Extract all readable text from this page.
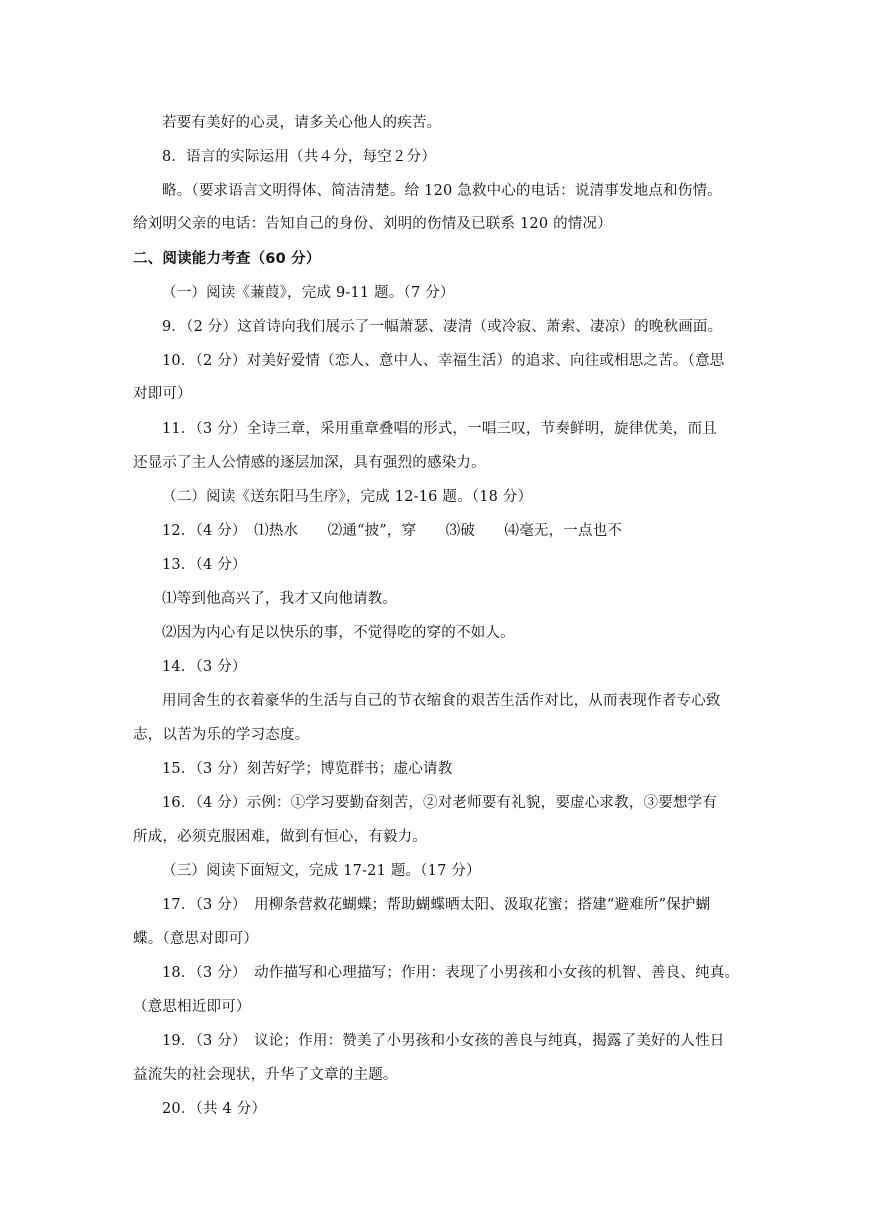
若要有美好的心灵，请多关心他人的疾苦。
8．语言的实际运用（共４分，每空２分）
略。（要求语言文明得体、简洁清楚。给 120 急救中心的电话：说清事发地点和伤情。
给刘明父亲的电话：告知自己的身份、刘明的伤情及已联系 120 的情况）
二、阅读能力考查（60 分）
（一）阅读《蒹葭》，完成 9-11 题。（7 分）
9．（2 分）这首诗向我们展示了一幅萧瑟、凄清（或冷寂、萧索、凄凉）的晚秋画面。
10．（2 分）对美好爱情（恋人、意中人、幸福生活）的追求、向往或相思之苦。（意思
对即可）
11．（3 分）全诗三章，采用重章叠唱的形式，一唱三叹，节奏鲜明，旋律优美，而且
还显示了主人公情感的逐层加深，具有强烈的感染力。
（二）阅读《送东阳马生序》，完成 12-16 题。（18 分）
12．（4 分）　⑴热水　　⑵通“披”，穿　　⑶破　　⑷毫无，一点也不
13．（4 分）
⑴等到他高兴了，我才又向他请教。
⑵因为内心有足以快乐的事，不觉得吃的穿的不如人。
14．（3 分）
用同舍生的衣着豪华的生活与自己的节衣缩食的艰苦生活作对比，从而表现作者专心致
志，以苦为乐的学习态度。
15．（3 分）刻苦好学；博览群书；虚心请教
16．（4 分）示例：①学习要勤奋刻苦，②对老师要有礼貌，要虚心求教，③要想学有
所成，必须克服困难，做到有恒心，有毅力。
（三）阅读下面短文，完成 17-21 题。（17 分）
17．（3 分）　用柳条营救花蝴蝶；帮助蝴蝶晒太阳、汲取花蜜；搭建“避难所”保护蝴
蝶。（意思对即可）
18．（3 分）　动作描写和心理描写；作用：表现了小男孩和小女孩的机智、善良、纯真。
（意思相近即可）
19．（3 分）　议论；作用：赞美了小男孩和小女孩的善良与纯真，揭露了美好的人性日
益流失的社会现状，升华了文章的主题。
20．（共 4 分）
